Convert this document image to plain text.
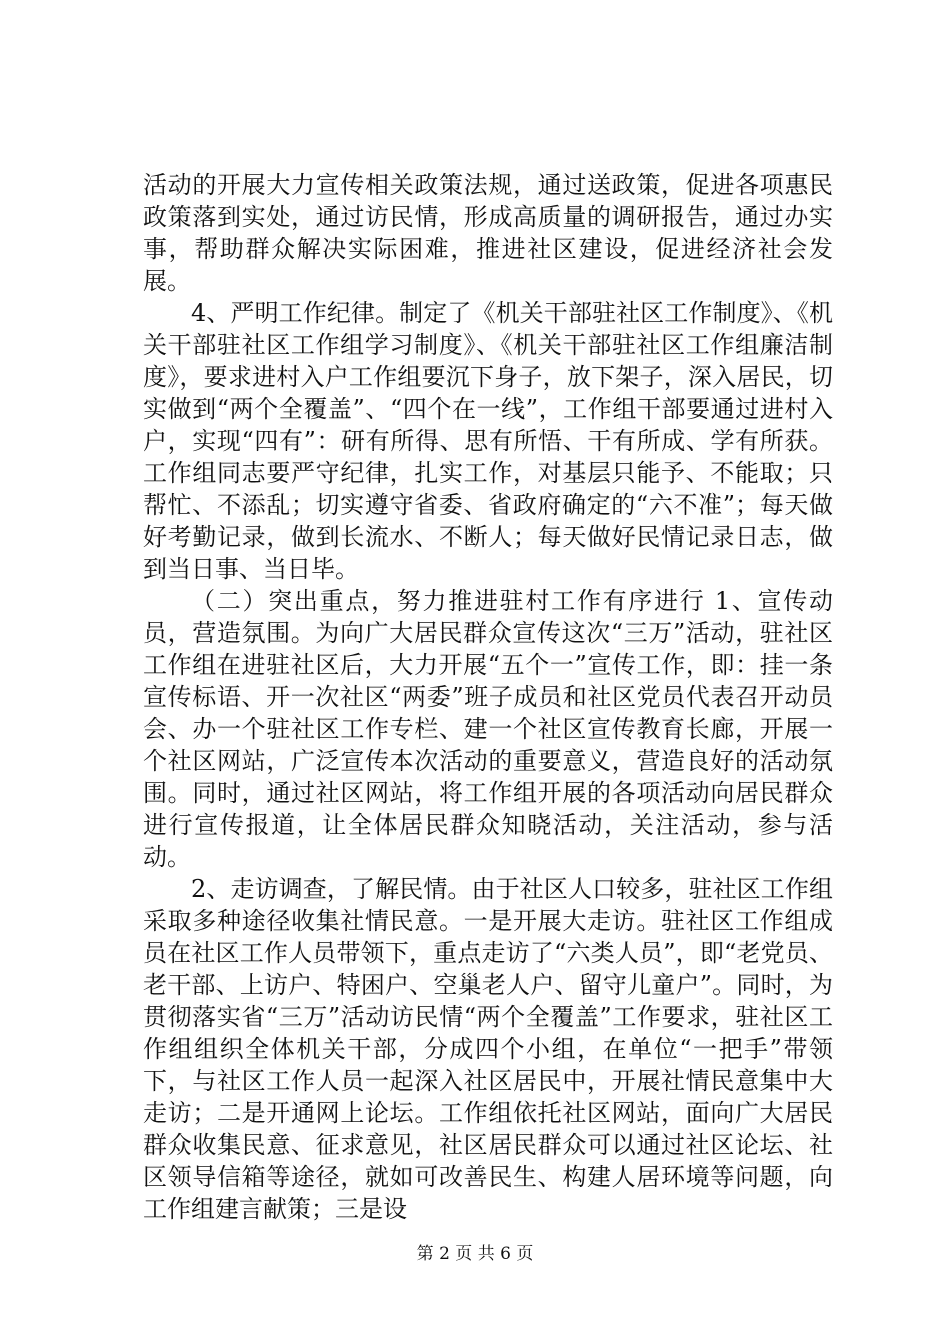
活动的开展大力宣传相关政策法规，通过送政策，促进各项惠民政策落到实处，通过访民情，形成高质量的调研报告，通过办实事，帮助群众解决实际困难，推进社区建设，促进经济社会发展。

4、严明工作纪律。制定了《机关干部驻社区工作制度》、《机关干部驻社区工作组学习制度》、《机关干部驻社区工作组廉洁制度》，要求进村入户工作组要沉下身子，放下架子，深入居民，切实做到“两个全覆盖”、“四个在一线”，工作组干部要通过进村入户，实现“四有”：研有所得、思有所悟、干有所成、学有所获。工作组同志要严守纪律，扎实工作，对基层只能予、不能取；只帮忙、不添乱；切实遵守省委、省政府确定的“六不准”；每天做好考勤记录，做到长流水、不断人；每天做好民情记录日志，做到当日事、当日毕。

（二）突出重点，努力推进驻村工作有序进行 1、宣传动员，营造氛围。为向广大居民群众宣传这次“三万”活动，驻社区工作组在进驻社区后，大力开展“五个一”宣传工作，即：挂一条宣传标语、开一次社区“两委”班子成员和社区党员代表召开动员会、办一个驻社区工作专栏、建一个社区宣传教育长廊，开展一个社区网站，广泛宣传本次活动的重要意义，营造良好的活动氛围。同时，通过社区网站，将工作组开展的各项活动向居民群众进行宣传报道，让全体居民群众知晓活动，关注活动，参与活动。

2、走访调查，了解民情。由于社区人口较多，驻社区工作组采取多种途径收集社情民意。一是开展大走访。驻社区工作组成员在社区工作人员带领下，重点走访了“六类人员”，即“老党员、老干部、上访户、特困户、空巢老人户、留守儿童户”。同时，为贯彻落实省“三万”活动访民情“两个全覆盖”工作要求，驻社区工作组组织全体机关干部，分成四个小组，在单位“一把手”带领下，与社区工作人员一起深入社区居民中，开展社情民意集中大走访；二是开通网上论坛。工作组依托社区网站，面向广大居民群众收集民意、征求意见，社区居民群众可以通过社区论坛、社区领导信箱等途径，就如可改善民生、构建人居环境等问题，向工作组建言献策；三是设

第 2 页 共 6 页
